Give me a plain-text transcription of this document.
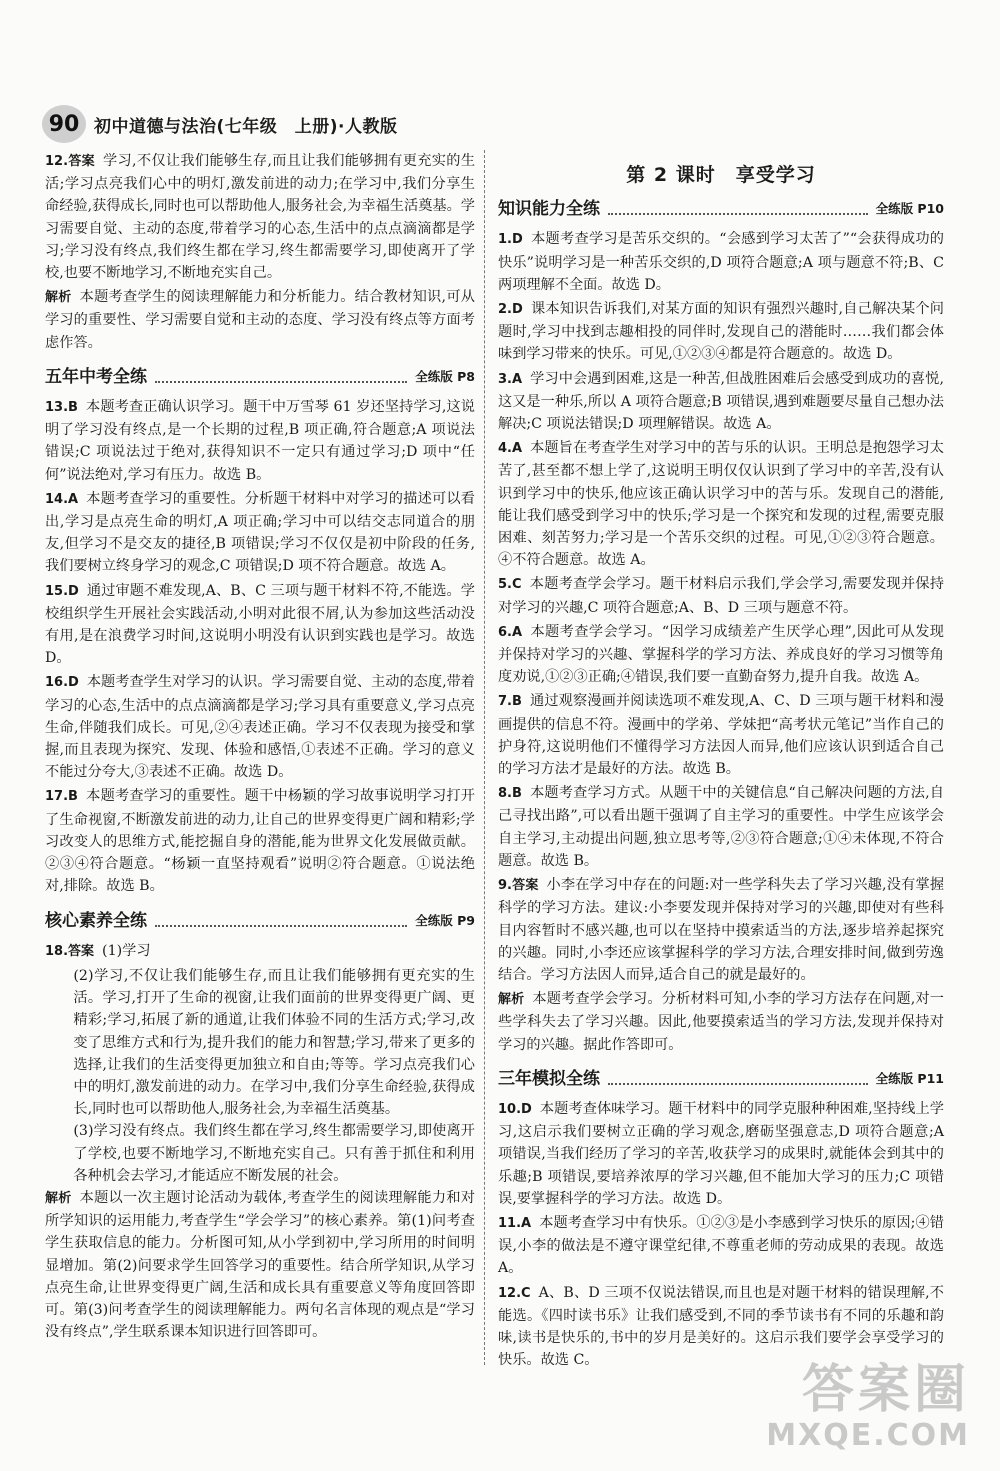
90 初中道德与法治(七年级　上册)·人教版
12.答案 学习,不仅让我们能够生存,而且让我们能够拥有更充实的生活;学习点亮我们心中的明灯,激发前进的动力;在学习中,我们分享生命经验,获得成长,同时也可以帮助他人,服务社会,为幸福生活奠基。学习需要自觉、主动的态度,带着学习的心态,生活中的点点滴滴都是学习;学习没有终点,我们终生都在学习,终生都需要学习,即使离开了学校,也要不断地学习,不断地充实自己。
解析 本题考查学生的阅读理解能力和分析能力。结合教材知识,可从学习的重要性、学习需要自觉和主动的态度、学习没有终点等方面考虑作答。
五年中考全练	全练版 P8
13.B 本题考查正确认识学习。题干中万雪琴 61 岁还坚持学习,这说明了学习没有终点,是一个长期的过程,B 项正确,符合题意;A 项说法错误;C 项说法过于绝对,获得知识不一定只有通过学习;D 项中“任何”说法绝对,学习有压力。故选 B。
14.A 本题考查学习的重要性。分析题干材料中对学习的描述可以看出,学习是点亮生命的明灯,A 项正确;学习中可以结交志同道合的朋友,但学习不是交友的捷径,B 项错误;学习不仅仅是初中阶段的任务,我们要树立终身学习的观念,C 项错误;D 项不符合题意。故选 A。
15.D 通过审题不难发现,A、B、C 三项与题干材料不符,不能选。学校组织学生开展社会实践活动,小明对此很不屑,认为参加这些活动没有用,是在浪费学习时间,这说明小明没有认识到实践也是学习。故选 D。
16.D 本题考查学生对学习的认识。学习需要自觉、主动的态度,带着学习的心态,生活中的点点滴滴都是学习;学习具有重要意义,学习点亮生命,伴随我们成长。可见,②④表述正确。学习不仅表现为接受和掌握,而且表现为探究、发现、体验和感悟,①表述不正确。学习的意义不能过分夸大,③表述不正确。故选 D。
17.B 本题考查学习的重要性。题干中杨颖的学习故事说明学习打开了生命视窗,不断激发前进的动力,让自己的世界变得更广阔和精彩;学习改变人的思维方式,能挖掘自身的潜能,能为世界文化发展做贡献。②③④符合题意。“杨颖一直坚持观看”说明②符合题意。①说法绝对,排除。故选 B。
核心素养全练	全练版 P9
18.答案 (1)学习

(2)学习,不仅让我们能够生存,而且让我们能够拥有更充实的生活。学习,打开了生命的视窗,让我们面前的世界变得更广阔、更精彩;学习,拓展了新的通道,让我们体验不同的生活方式;学习,改变了思维方式和行为,提升我们的能力和智慧;学习,带来了更多的选择,让我们的生活变得更加独立和自由;等等。学习点亮我们心中的明灯,激发前进的动力。在学习中,我们分享生命经验,获得成长,同时也可以帮助他人,服务社会,为幸福生活奠基。

(3)学习没有终点。我们终生都在学习,终生都需要学习,即使离开了学校,也要不断地学习,不断地充实自己。只有善于抓住和利用各种机会去学习,才能适应不断发展的社会。

解析 本题以一次主题讨论活动为载体,考查学生的阅读理解能力和对所学知识的运用能力,考查学生“学会学习”的核心素养。第(1)问考查学生获取信息的能力。分析图可知,从小学到初中,学习所用的时间明显增加。第(2)问要求学生回答学习的重要性。结合所学知识,从学习点亮生命,让世界变得更广阔,生活和成长具有重要意义等角度回答即可。第(3)问考查学生的阅读理解能力。两句名言体现的观点是“学习没有终点”,学生联系课本知识进行回答即可。
第 2 课时　享受学习
知识能力全练	全练版 P10
1.D 本题考查学习是苦乐交织的。“会感到学习太苦了”“会获得成功的快乐”说明学习是一种苦乐交织的,D 项符合题意;A 项与题意不符;B、C 两项理解不全面。故选 D。
2.D 课本知识告诉我们,对某方面的知识有强烈兴趣时,自己解决某个问题时,学习中找到志趣相投的同伴时,发现自己的潜能时……我们都会体味到学习带来的快乐。可见,①②③④都是符合题意的。故选 D。
3.A 学习中会遇到困难,这是一种苦,但战胜困难后会感受到成功的喜悦,这又是一种乐,所以 A 项符合题意;B 项错误,遇到难题要尽量自己想办法解决;C 项说法错误;D 项理解错误。故选 A。
4.A 本题旨在考查学生对学习中的苦与乐的认识。王明总是抱怨学习太苦了,甚至都不想上学了,这说明王明仅仅认识到了学习中的辛苦,没有认识到学习中的快乐,他应该正确认识学习中的苦与乐。发现自己的潜能,能让我们感受到学习中的快乐;学习是一个探究和发现的过程,需要克服困难、刻苦努力;学习是一个苦乐交织的过程。可见,①②③符合题意。④不符合题意。故选 A。
5.C 本题考查学会学习。题干材料启示我们,学会学习,需要发现并保持对学习的兴趣,C 项符合题意;A、B、D 三项与题意不符。
6.A 本题考查学会学习。“因学习成绩差产生厌学心理”,因此可从发现并保持对学习的兴趣、掌握科学的学习方法、养成良好的学习习惯等角度劝说,①②③正确;④错误,我们要一直勤奋努力,提升自我。故选 A。
7.B 通过观察漫画并阅读选项不难发现,A、C、D 三项与题干材料和漫画提供的信息不符。漫画中的学弟、学妹把“高考状元笔记”当作自己的护身符,这说明他们不懂得学习方法因人而异,他们应该认识到适合自己的学习方法才是最好的方法。故选 B。
8.B 本题考查学习方式。从题干中的关键信息“自己解决问题的方法,自己寻找出路”,可以看出题干强调了自主学习的重要性。中学生应该学会自主学习,主动提出问题,独立思考等,②③符合题意;①④未体现,不符合题意。故选 B。
9.答案 小李在学习中存在的问题:对一些学科失去了学习兴趣,没有掌握科学的学习方法。建议:小李要发现并保持对学习的兴趣,即使对有些科目内容暂时不感兴趣,也可以在坚持中摸索适当的方法,逐步培养起探究的兴趣。同时,小李还应该掌握科学的学习方法,合理安排时间,做到劳逸结合。学习方法因人而异,适合自己的就是最好的。
解析 本题考查学会学习。分析材料可知,小李的学习方法存在问题,对一些学科失去了学习兴趣。因此,他要摸索适当的学习方法,发现并保持对学习的兴趣。据此作答即可。
三年模拟全练	全练版 P11
10.D 本题考查体味学习。题干材料中的同学克服种种困难,坚持线上学习,这启示我们要树立正确的学习观念,磨砺坚强意志,D 项符合题意;A 项错误,当我们经历了学习的辛苦,收获学习的成果时,就能体会到其中的乐趣;B 项错误,要培养浓厚的学习兴趣,但不能加大学习的压力;C 项错误,要掌握科学的学习方法。故选 D。
11.A 本题考查学习中有快乐。①②③是小李感到学习快乐的原因;④错误,小李的做法是不遵守课堂纪律,不尊重老师的劳动成果的表现。故选 A。
12.C A、B、D 三项不仅说法错误,而且也是对题干材料的错误理解,不能选。《四时读书乐》让我们感受到,不同的季节读书有不同的乐趣和韵味,读书是快乐的,书中的岁月是美好的。这启示我们要学会享受学习的快乐。故选 C。	答案圈
MXQE.COM
